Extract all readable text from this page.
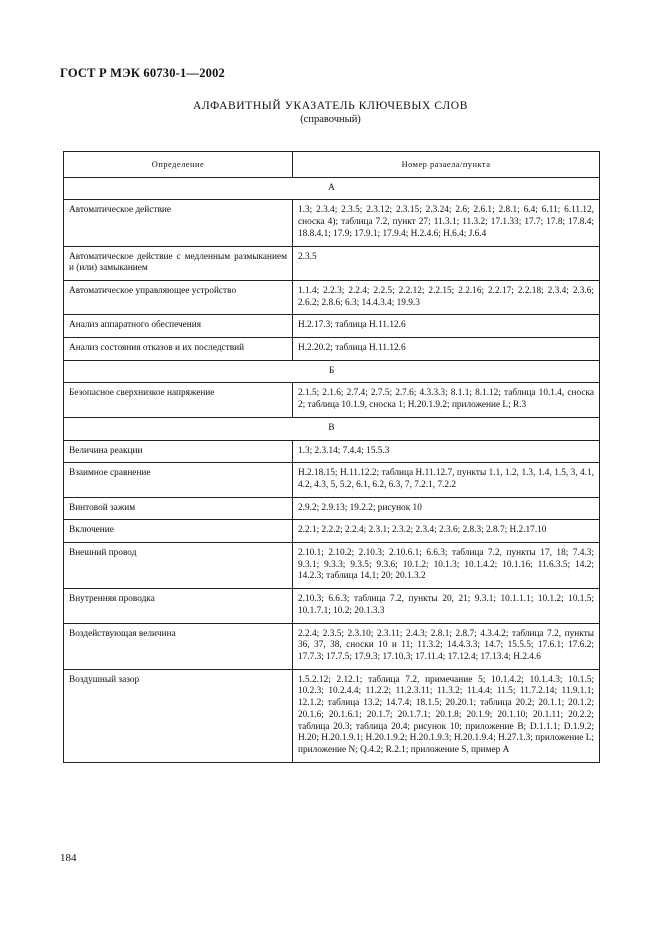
ГОСТ Р МЭК 60730-1—2002
АЛФАВИТНЫЙ УКАЗАТЕЛЬ КЛЮЧЕВЫХ СЛОВ
(справочный)
Определение	Номер разаела/пункта
А	
Автоматическое действие	1.3; 2.3.4; 2.3.5; 2.3.12; 2.3.15; 2.3.24; 2.6; 2.6.1; 2.8.1; 6.4; 6.11; 6.11.12, сноска 4); таблица 7.2, пункт 27; 11.3.1; 11.3.2; 17.1.33; 17.7; 17.8; 17.8.4; 18.8.4.1; 17.9; 17.9.1; 17.9.4; H.2.4.6; H.6.4; J.6.4
Автоматическое действие с медленным размыканием и (или) замыканием	2.3.5
Автоматическое управляющее устройство	1.1.4; 2.2.3; 2.2.4; 2.2.5; 2.2.12; 2.2.15; 2.2.16; 2.2.17; 2.2.18; 2.3.4; 2.3.6; 2.6.2; 2.8.6; 6.3; 14.4.3.4; 19.9.3
Анализ аппаратного обеспечения	H.2.17.3; таблица H.11.12.6
Анализ состояния отказов и их последствий	H.2.20.2; таблица H.11.12.6
Б	
Безопасное сверхнизкое напряжение	2.1.5; 2.1.6; 2.7.4; 2.7.5; 2.7.6; 4.3.3.3; 8.1.1; 8.1.12; таблица 10.1.4, сноска 2; таблица 10.1.9, сноска 1; H.20.1.9.2; приложение L; R.3
В	
Величина реакции	1.3; 2.3.14; 7.4.4; 15.5.3
Взаимное сравнение	H.2.18.15; H.11.12.2; таблица H.11.12.7, пункты 1.1, 1.2, 1.3, 1.4, 1.5, 3, 4.1, 4.2, 4.3, 5, 5.2, 6.1, 6.2, 6.3, 7, 7.2.1, 7.2.2
Винтовой зажим	2.9.2; 2.9.13; 19.2.2; рисунок 10
Включение	2.2.1; 2.2.2; 2.2.4; 2.3.1; 2.3.2; 2.3.4; 2.3.6; 2.8.3; 2.8.7; H.2.17.10
Внешний провод	2.10.1; 2.10.2; 2.10.3; 2.10.6.1; 6.6.3; таблица 7.2, пункты 17, 18; 7.4.3; 9.3.1; 9.3.3; 9.3.5; 9.3.6; 10.1.2; 10.1.3; 10.1.4.2; 10.1.16; 11.6.3.5; 14.2; 14.2.3; таблица 14.1; 20; 20.1.3.2
Внутренняя проводка	2.10.3; 6.6.3; таблица 7.2, пункты 20, 21; 9.3.1; 10.1.1.1; 10.1.2; 10.1.5; 10.1.7.1; 10.2; 20.1.3.3
Воздействующая величина	2.2.4; 2.3.5; 2.3.10; 2.3.11; 2.4.3; 2.8.1; 2.8.7; 4.3.4.2; таблица 7.2, пункты 36, 37, 38, сноски 10 и 11; 11.3.2; 14.4.3.3; 14.7; 15.5.5; 17.6.1; 17.6.2; 17.7.3; 17.7.5; 17.9.3; 17.10.3; 17.11.4; 17.12.4; 17.13.4; H.2.4.6
Воздушный зазор	1.5.2.12; 2.12.1; таблица 7.2, примечание 5; 10.1.4.2; 10.1.4.3; 10.1.5; 10.2.3; 10.2.4.4; 11.2.2; 11.2.3.11; 11.3.2; 11.4.4; 11.5; 11.7.2.14; 11.9.1.1; 12.1.2; таблица 13.2; 14.7.4; 18.1.5; 20.20.1; таблица 20.2; 20.1.1; 20.1.2; 20.1.6; 20.1.6.1; 20.1.7; 20.1.7.1; 20.1.8; 20.1.9; 20.1.10; 20.1.11; 20.2.2; таблица 20.3; таблица 20.4; рисунок 10; приложение B; D.1.1.1; D.1.9.2; H.20; H.20.1.9.1; H.20.1.9.2; H.20.1.9.3; H.20.1.9.4; H.27.1.3; приложение L; приложение N; Q.4.2; R.2.1; приложение S, пример A
184
